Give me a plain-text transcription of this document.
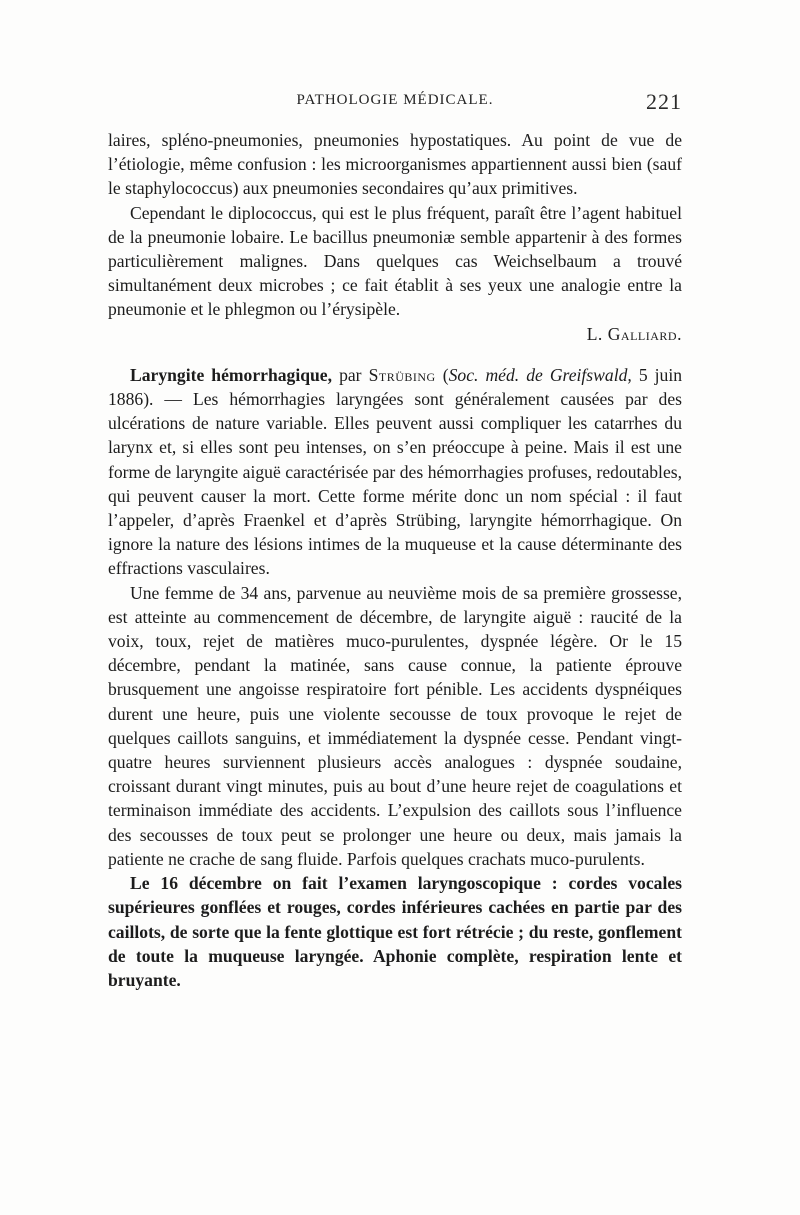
PATHOLOGIE MÉDICALE.	221

laires, spléno-pneumonies, pneumonies hypostatiques. Au point de vue de l’étiologie, même confusion : les microorganismes appartiennent aussi bien (sauf le staphylococcus) aux pneumonies secondaires qu’aux primitives.

Cependant le diplococcus, qui est le plus fréquent, paraît être l’agent habituel de la pneumonie lobaire. Le bacillus pneumoniæ semble appartenir à des formes particulièrement malignes. Dans quelques cas Weichselbaum a trouvé simultanément deux microbes ; ce fait établit à ses yeux une analogie entre la pneumonie et le phlegmon ou l’érysipèle.

L. Galliard.

Laryngite hémorrhagique, par Strübing (Soc. méd. de Greifswald, 5 juin 1886). — Les hémorrhagies laryngées sont généralement causées par des ulcérations de nature variable. Elles peuvent aussi compliquer les catarrhes du larynx et, si elles sont peu intenses, on s’en préoccupe à peine. Mais il est une forme de laryngite aiguë caractérisée par des hémorrhagies profuses, redoutables, qui peuvent causer la mort. Cette forme mérite donc un nom spécial : il faut l’appeler, d’après Fraenkel et d’après Strübing, laryngite hémorrhagique. On ignore la nature des lésions intimes de la muqueuse et la cause déterminante des effractions vasculaires.

Une femme de 34 ans, parvenue au neuvième mois de sa première grossesse, est atteinte au commencement de décembre, de laryngite aiguë : raucité de la voix, toux, rejet de matières muco-purulentes, dyspnée légère. Or le 15 décembre, pendant la matinée, sans cause connue, la patiente éprouve brusquement une angoisse respiratoire fort pénible. Les accidents dyspnéiques durent une heure, puis une violente secousse de toux provoque le rejet de quelques caillots sanguins, et immédiatement la dyspnée cesse. Pendant vingt-quatre heures surviennent plusieurs accès analogues : dyspnée soudaine, croissant durant vingt minutes, puis au bout d’une heure rejet de coagulations et terminaison immédiate des accidents. L’expulsion des caillots sous l’influence des secousses de toux peut se prolonger une heure ou deux, mais jamais la patiente ne crache de sang fluide. Parfois quelques crachats muco-purulents.

Le 16 décembre on fait l’examen laryngoscopique : cordes vocales supérieures gonflées et rouges, cordes inférieures cachées en partie par des caillots, de sorte que la fente glottique est fort rétrécie ; du reste, gonflement de toute la muqueuse laryngée. Aphonie complète, respiration lente et bruyante.
